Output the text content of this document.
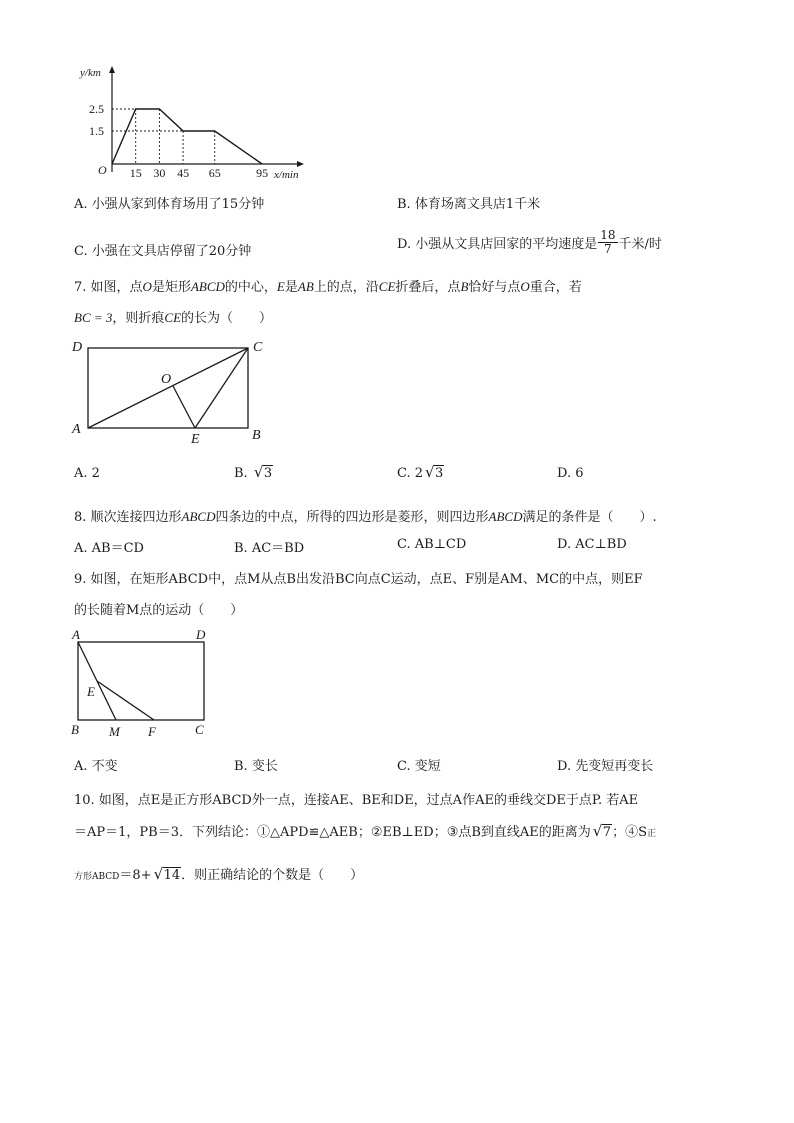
y/km
O	x/min
1.5
2.5
15 30 45 65	95
A. 小强从家到体育场用了15分钟	B. 体育场离文具店1千米
C. 小强在文具店停留了20分钟	D. 小强从文具店回家的平均速度是 $\frac{18}{7}$ 千米/时
7. 如图，点O是矩形ABCD的中心，E是AB上的点，沿CE折叠后，点B恰好与点O重合，若
BC = 3，则折痕CE的长为（　　）
D	C
A	B
O
E
A. 2	B. √ 3	C. 2 √ 3	D. 6
8. 顺次连接四边形ABCD四条边的中点，所得的四边形是菱形，则四边形ABCD满足的条件是（　　）.
A. AB＝CD	B. AC＝BD	C. AB⊥CD	D. AC⊥BD
9. 如图，在矩形ABCD中，点M从点B出发沿BC向点C运动，点E、F别是AM、MC的中点，则EF
的长随着M点的运动（　　）
A	D
E
B M F	C
A. 不变	B. 变长	C. 变短	D. 先变短再变长
10. 如图，点E是正方形ABCD外一点，连接AE、BE和DE，过点A作AE的垂线交DE于点P. 若AE
＝AP＝1，PB＝3．下列结论：①△APD≌△AEB；②EB⊥ED；③点B到直线AE的距离为 √ 7；④S正
方形ABCD＝8+ √ 14．则正确结论的个数是（　　）
